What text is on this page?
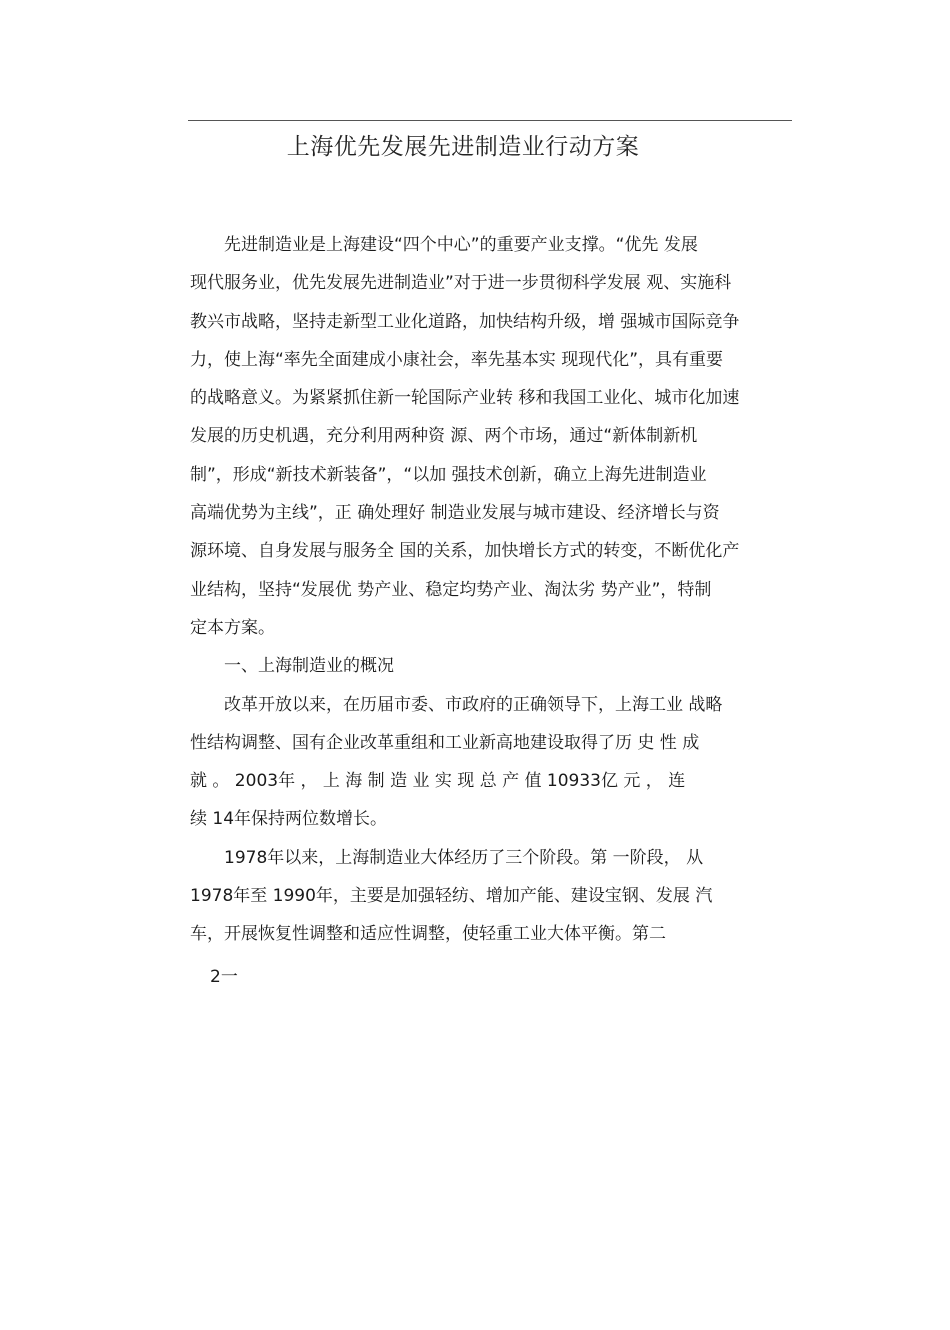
上海优先发展先进制造业行动方案

先进制造业是上海建设“四个中心”的重要产业支撑。“优先 发展

现代服务业，优先发展先进制造业”对于进一步贯彻科学发展 观、实施科

教兴市战略，坚持走新型工业化道路，加快结构升级，增 强城市国际竞争

力，使上海“率先全面建成小康社会，率先基本实 现现代化”，具有重要

的战略意义。为紧紧抓住新一轮国际产业转 移和我国工业化、城市化加速

发展的历史机遇，充分利用两种资 源、两个市场，通过“新体制新机

制”，形成“新技术新装备”，“以加 强技术创新，确立上海先进制造业

高端优势为主线”，正 确处理好 制造业发展与城市建设、经济增长与资

源环境、自身发展与服务全 国的关系，加快增长方式的转变，不断优化产

业结构，坚持“发展优 势产业、稳定均势产业、淘汰劣 势产业”，特制

定本方案。

一、上海制造业的概况

改革开放以来，在历届市委、市政府的正确领导下，上海工业 战略

性结构调整、国有企业改革重组和工业新高地建设取得了历 史 性 成

就 。 2003年 ， 上 海 制 造 业 实 现 总 产 值 10933亿 元 ， 连

续 14年保持两位数增长。

1978年以来，上海制造业大体经历了三个阶段。第 一阶段， 从

1978年至 1990年，主要是加强轻纺、增加产能、建设宝钢、发展 汽

车，开展恢复性调整和适应性调整，使轻重工业大体平衡。第二

2一
